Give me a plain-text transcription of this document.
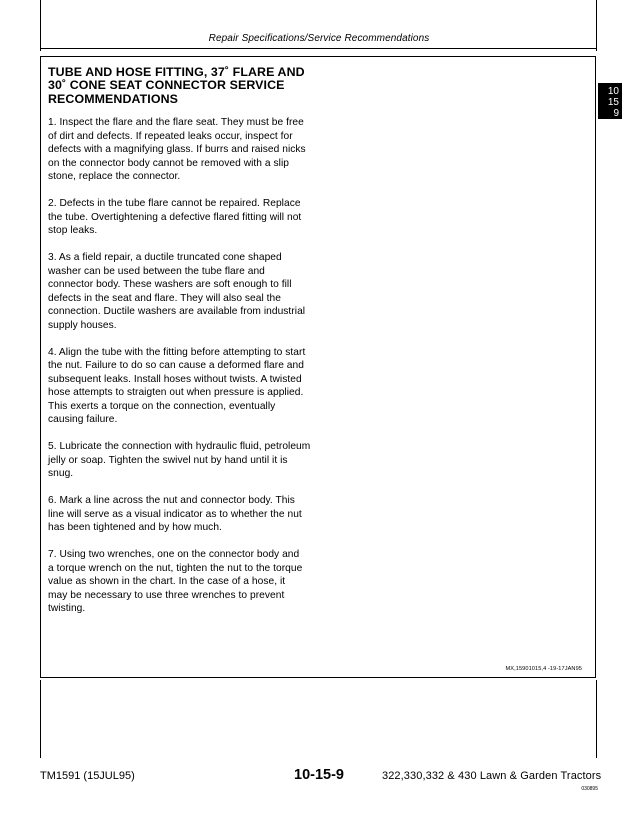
Repair Specifications/Service Recommendations
TUBE AND HOSE FITTING, 37˚ FLARE AND
30˚ CONE SEAT CONNECTOR SERVICE
RECOMMENDATIONS
1. Inspect the flare and the flare seat. They must be free
of dirt and defects. If repeated leaks occur, inspect for
defects with a magnifying glass. If burrs and raised nicks
on the connector body cannot be removed with a slip
stone, replace the connector.
2. Defects in the tube flare cannot be repaired. Replace
the tube. Overtightening a defective flared fitting will not
stop leaks.
3. As a field repair, a ductile truncated cone shaped
washer can be used between the tube flare and
connector body. These washers are soft enough to fill
defects in the seat and flare. They will also seal the
connection. Ductile washers are available from industrial
supply houses.
4. Align the tube with the fitting before attempting to start
the nut. Failure to do so can cause a deformed flare and
subsequent leaks. Install hoses without twists. A twisted
hose attempts to straigten out when pressure is applied.
This exerts a torque on the connection, eventually
causing failure.
5. Lubricate the connection with hydraulic fluid, petroleum
jelly or soap. Tighten the swivel nut by hand until it is
snug.
6. Mark a line across the nut and connector body. This
line will serve as a visual indicator as to whether the nut
has been tightened and by how much.
7. Using two wrenches, one on the connector body and
a torque wrench on the nut, tighten the nut to the torque
value as shown in the chart. In the case of a hose, it
may be necessary to use three wrenches to prevent
twisting.
MX,15901015,4 -19-17JAN95
10
15
9
TM1591 (15JUL95)	10-15-9	322,330,332 & 430 Lawn & Garden Tractors
030895
